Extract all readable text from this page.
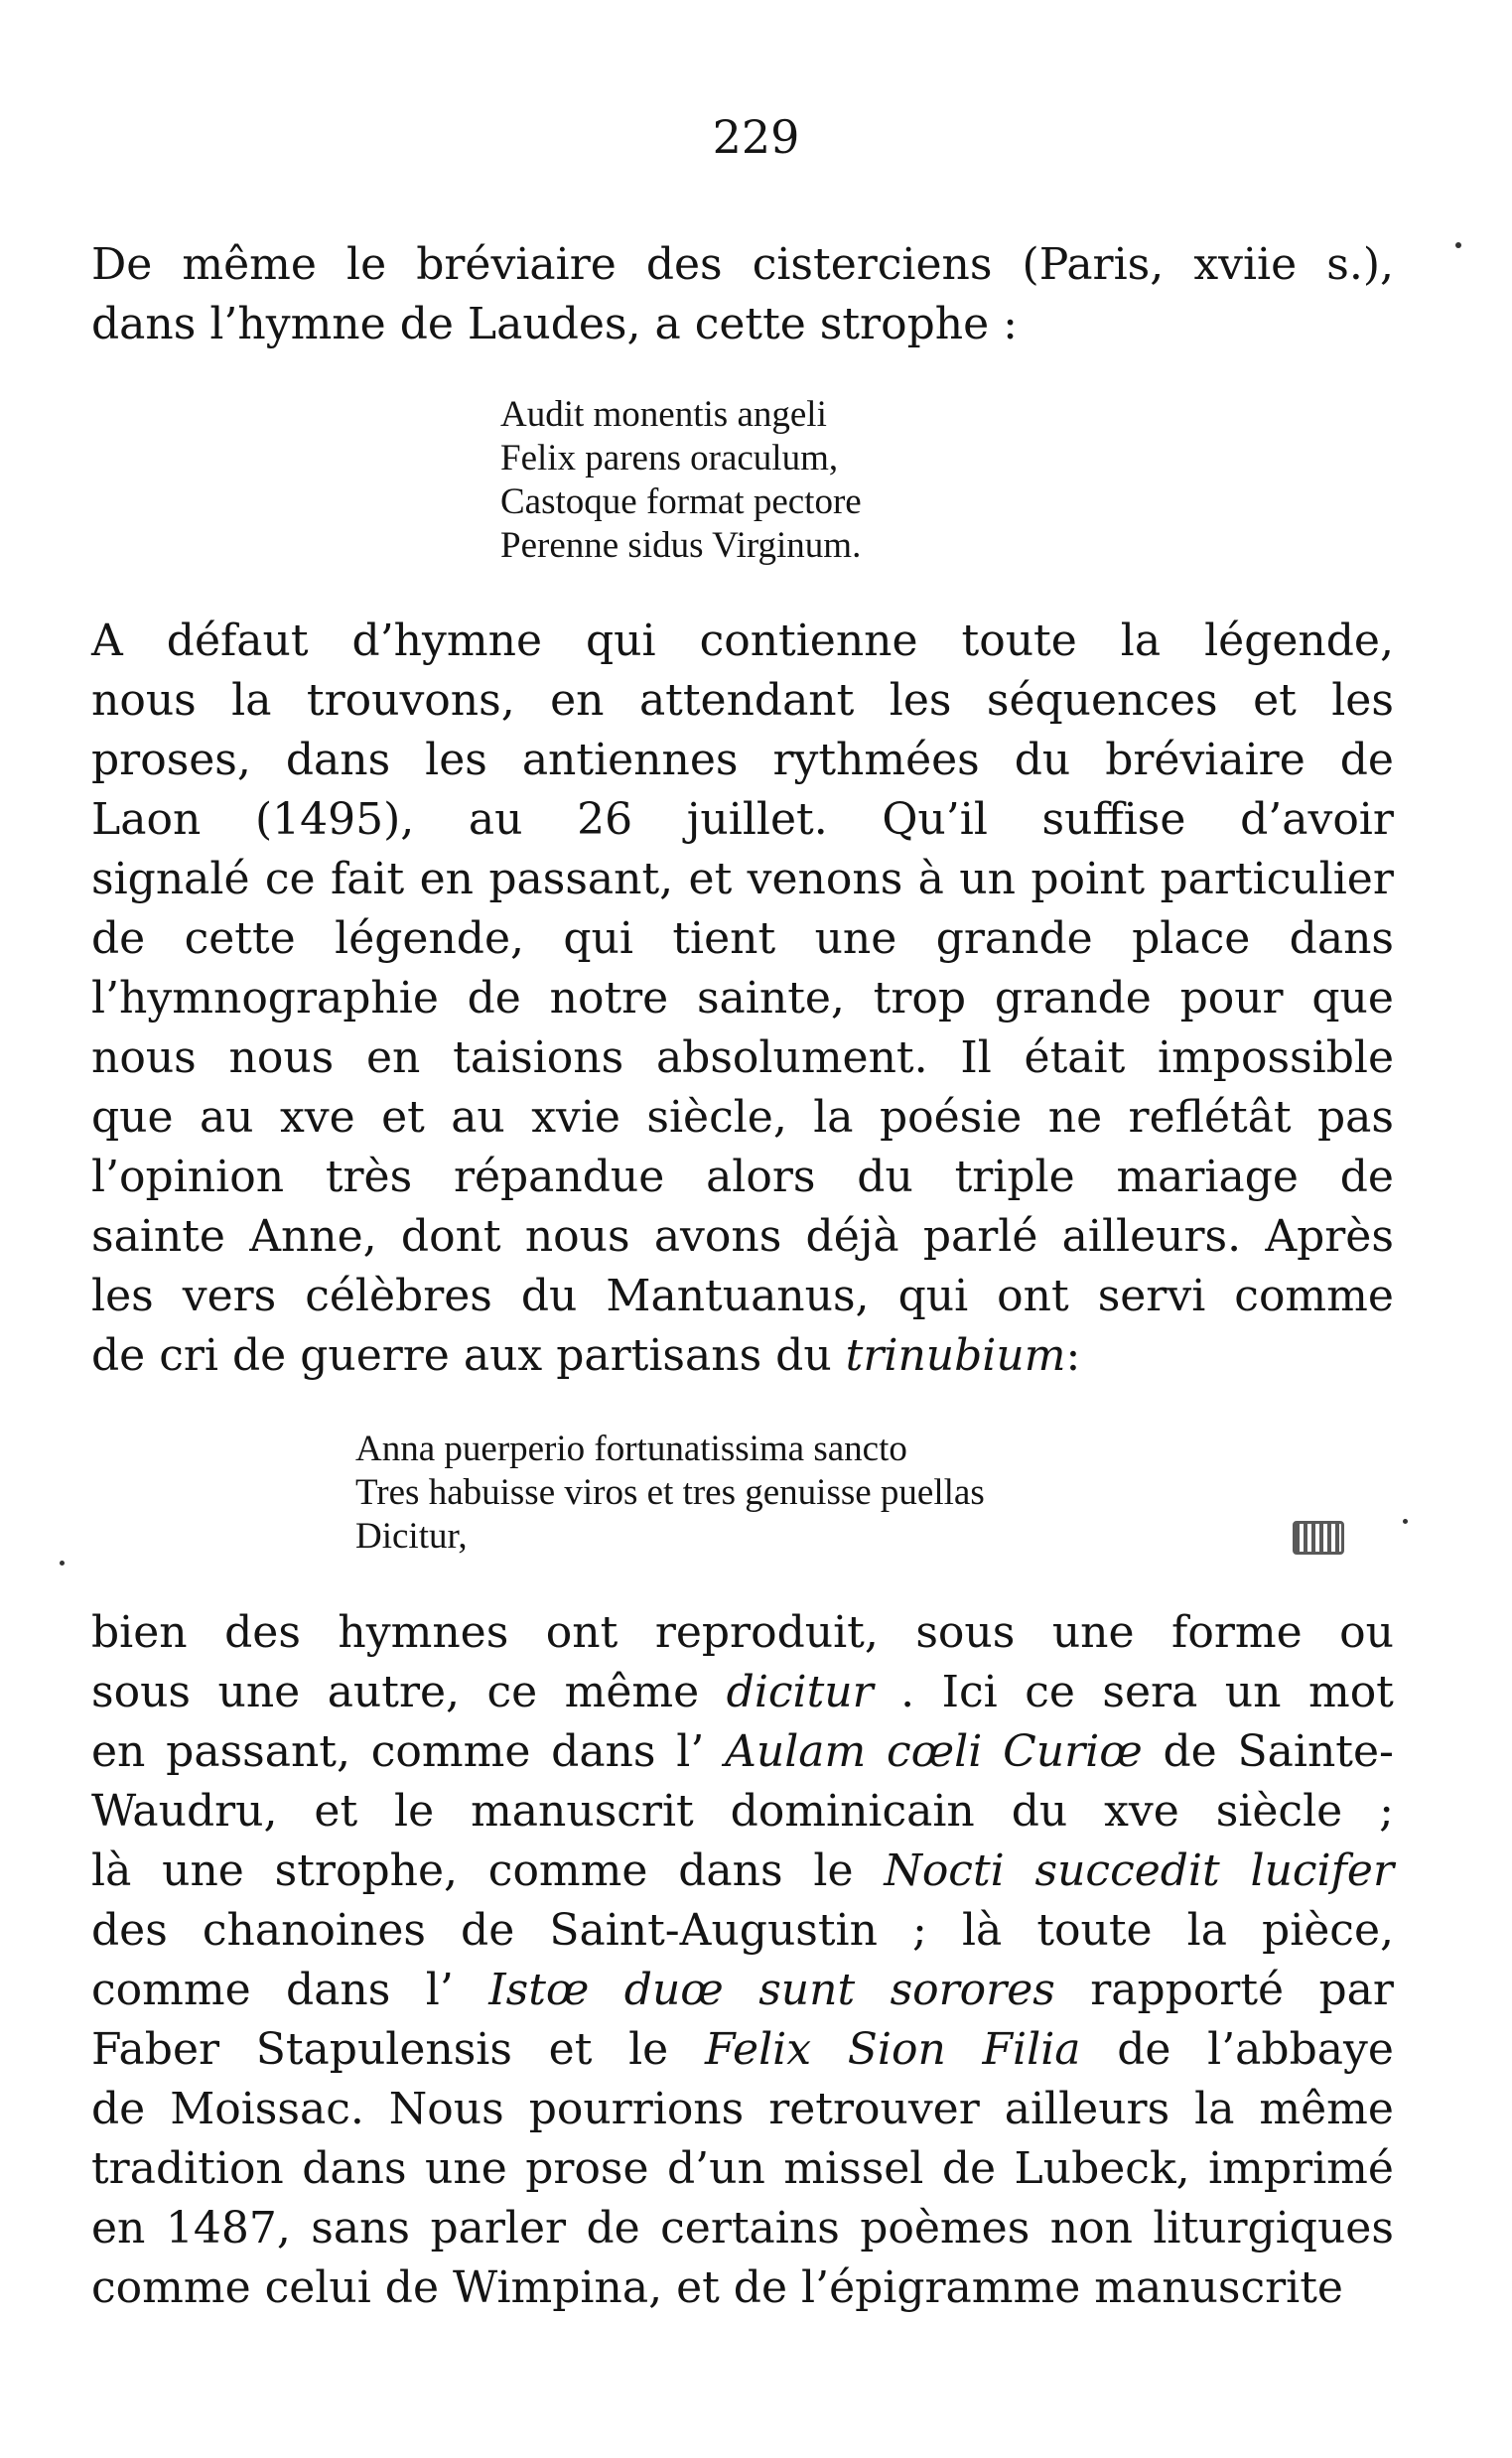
229
De même le bréviaire des cisterciens (Paris, xviie s.),
dans l’hymne de Laudes, a cette strophe :
Audit monentis angeli
Felix parens oraculum,
Castoque format pectore
Perenne sidus Virginum.
A défaut d’hymne qui contienne toute la légende,
nous la trouvons, en attendant les séquences et les
proses, dans les antiennes rythmées du bréviaire de
Laon (1495), au 26 juillet. Qu’il suffise d’avoir
signalé ce fait en passant, et venons à un point particulier
de cette légende, qui tient une grande place dans
l’hymnographie de notre sainte, trop grande pour que
nous nous en taisions absolument. Il était impossible
que au xve et au xvie siècle, la poésie ne reflétât pas
l’opinion très répandue alors du triple mariage de
sainte Anne, dont nous avons déjà parlé ailleurs. Après
les vers célèbres du Mantuanus, qui ont servi comme
de cri de guerre aux partisans du trinubium :
Anna puerperio fortunatissima sancto
Tres habuisse viros et tres genuisse puellas
Dicitur,
bien des hymnes ont reproduit, sous une forme ou
sous une autre, ce même dicitur . Ici ce sera un mot
en passant, comme dans l’ Aulam cœli Curiœ de Sainte-
Waudru, et le manuscrit dominicain du xve siècle ;
là une strophe, comme dans le Nocti succedit lucifer
des chanoines de Saint-Augustin ; là toute la pièce,
comme dans l’ Istœ duœ sunt sorores rapporté par
Faber Stapulensis et le Felix Sion Filia de l’abbaye
de Moissac. Nous pourrions retrouver ailleurs la même
tradition dans une prose d’un missel de Lubeck, imprimé
en 1487, sans parler de certains poèmes non liturgiques
comme celui de Wimpina, et de l’épigramme manuscrite
